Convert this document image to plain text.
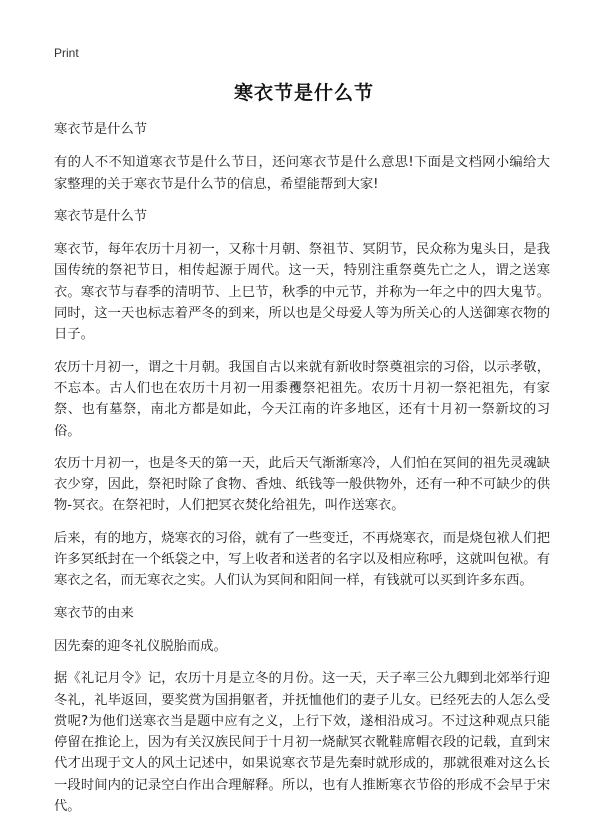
Print
寒衣节是什么节

寒衣节是什么节

有的人不不知道寒衣节是什么节日，还问寒衣节是什么意思!下面是文档网小编给大家整理的关于寒衣节是什么节的信息，希望能帮到大家!

寒衣节是什么节

寒衣节，每年农历十月初一，又称十月朝、祭祖节、冥阴节，民众称为鬼头日，是我国传统的祭祀节日，相传起源于周代。这一天，特别注重祭奠先亡之人，谓之送寒衣。寒衣节与春季的清明节、上巳节，秋季的中元节，并称为一年之中的四大鬼节。同时，这一天也标志着严冬的到来，所以也是父母爱人等为所关心的人送御寒衣物的日子。

农历十月初一，谓之十月朝。我国自古以来就有新收时祭奠祖宗的习俗，以示孝敬，不忘本。古人们也在农历十月初一用黍矡祭祀祖先。农历十月初一祭祀祖先，有家祭、也有墓祭，南北方都是如此，今天江南的许多地区，还有十月初一祭新坟的习俗。

农历十月初一，也是冬天的第一天，此后天气渐渐寒冷，人们怕在冥间的祖先灵魂缺衣少穿，因此，祭祀时除了食物、香烛、纸钱等一般供物外，还有一种不可缺少的供物-冥衣。在祭祀时，人们把冥衣焚化给祖先，叫作送寒衣。

后来，有的地方，烧寒衣的习俗，就有了一些变迁，不再烧寒衣，而是烧包袱人们把许多冥纸封在一个纸袋之中，写上收者和送者的名字以及相应称呼，这就叫包袱。有寒衣之名，而无寒衣之实。人们认为冥间和阳间一样，有钱就可以买到许多东西。

寒衣节的由来

因先秦的迎冬礼仪脱胎而成。

据《礼记月令》记，农历十月是立冬的月份。这一天，天子率三公九卿到北郊举行迎冬礼，礼毕返回，要奖赏为国捐躯者，并抚恤他们的妻子儿女。已经死去的人怎么受赏呢?为他们送寒衣当是题中应有之义，上行下效，遂相沿成习。不过这种观点只能停留在推论上，因为有关汉族民间于十月初一烧献冥衣靴鞋席帽衣段的记载，直到宋代才出现于文人的风土记述中，如果说寒衣节是先秦时就形成的，那就很难对这么长一段时间内的记录空白作出合理解释。所以，也有人推断寒衣节俗的形成不会早于宋代。
